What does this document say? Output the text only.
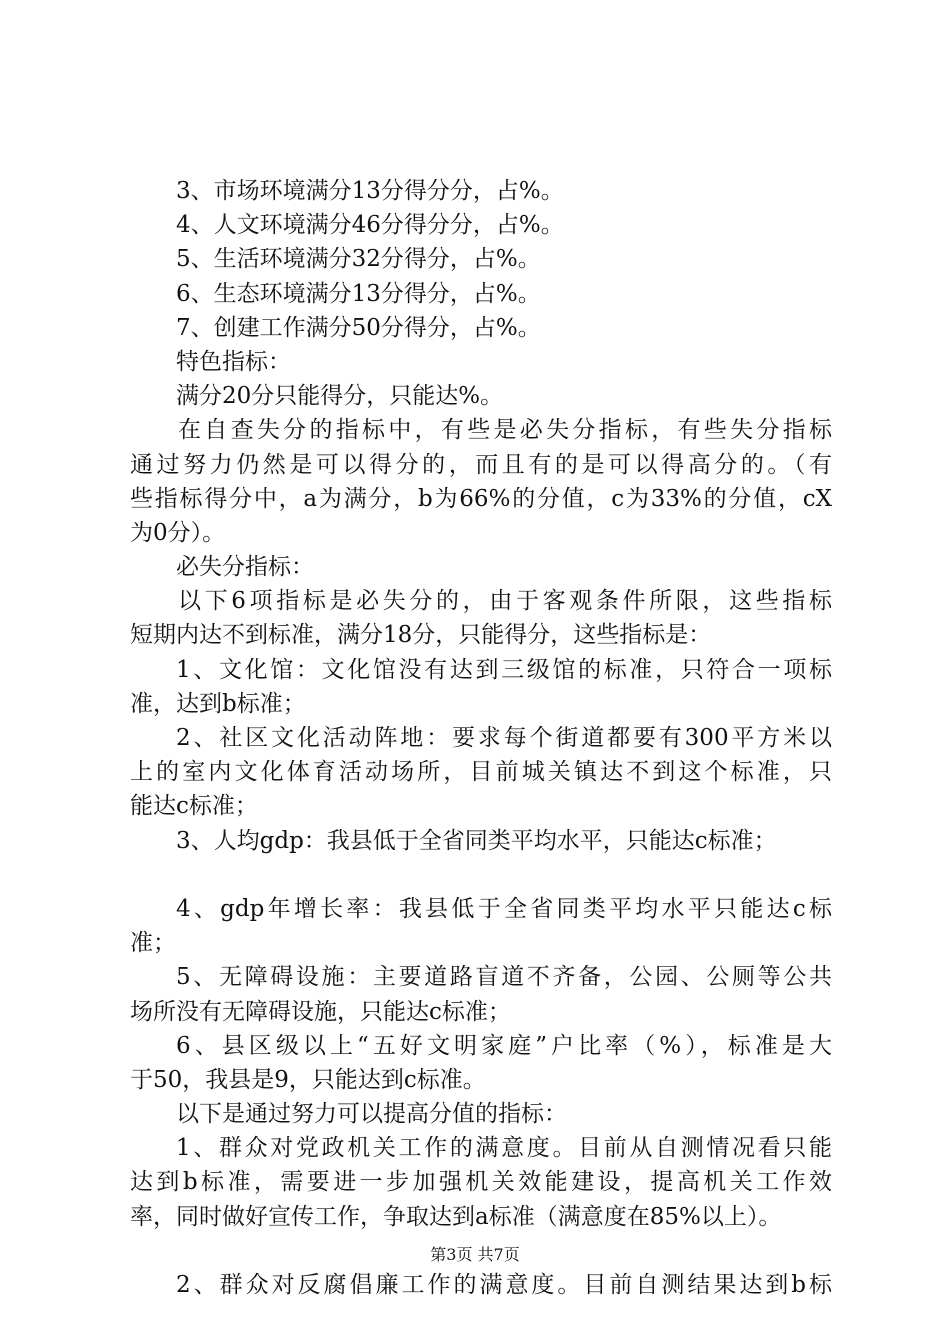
3、市场环境满分13分得分分，占%。
4、人文环境满分46分得分分，占%。
5、生活环境满分32分得分，占%。
6、生态环境满分13分得分，占%。
7、创建工作满分50分得分，占%。
特色指标：
满分20分只能得分，只能达%。
在自查失分的指标中，有些是必失分指标，有些失分指标
通过努力仍然是可以得分的，而且有的是可以得高分的。（有
些指标得分中，a为满分，b为66%的分值，c为33%的分值，cX
为0分）。
必失分指标：
以下6项指标是必失分的，由于客观条件所限，这些指标
短期内达不到标准，满分18分，只能得分，这些指标是：
1、文化馆：文化馆没有达到三级馆的标准，只符合一项标
准，达到b标准；
2、社区文化活动阵地：要求每个街道都要有300平方米以
上的室内文化体育活动场所，目前城关镇达不到这个标准，只
能达c标准；
3、人均gdp：我县低于全省同类平均水平，只能达c标准；
4、gdp年增长率：我县低于全省同类平均水平只能达c标
准；
5、无障碍设施：主要道路盲道不齐备，公园、公厕等公共
场所没有无障碍设施，只能达c标准；
6、县区级以上“五好文明家庭”户比率（%），标准是大
于50，我县是9，只能达到c标准。
以下是通过努力可以提高分值的指标：
1、群众对党政机关工作的满意度。目前从自测情况看只能
达到b标准，需要进一步加强机关效能建设，提高机关工作效
率，同时做好宣传工作，争取达到a标准（满意度在85%以上）。
2、群众对反腐倡廉工作的满意度。目前自测结果达到b标
第3页 共7页
